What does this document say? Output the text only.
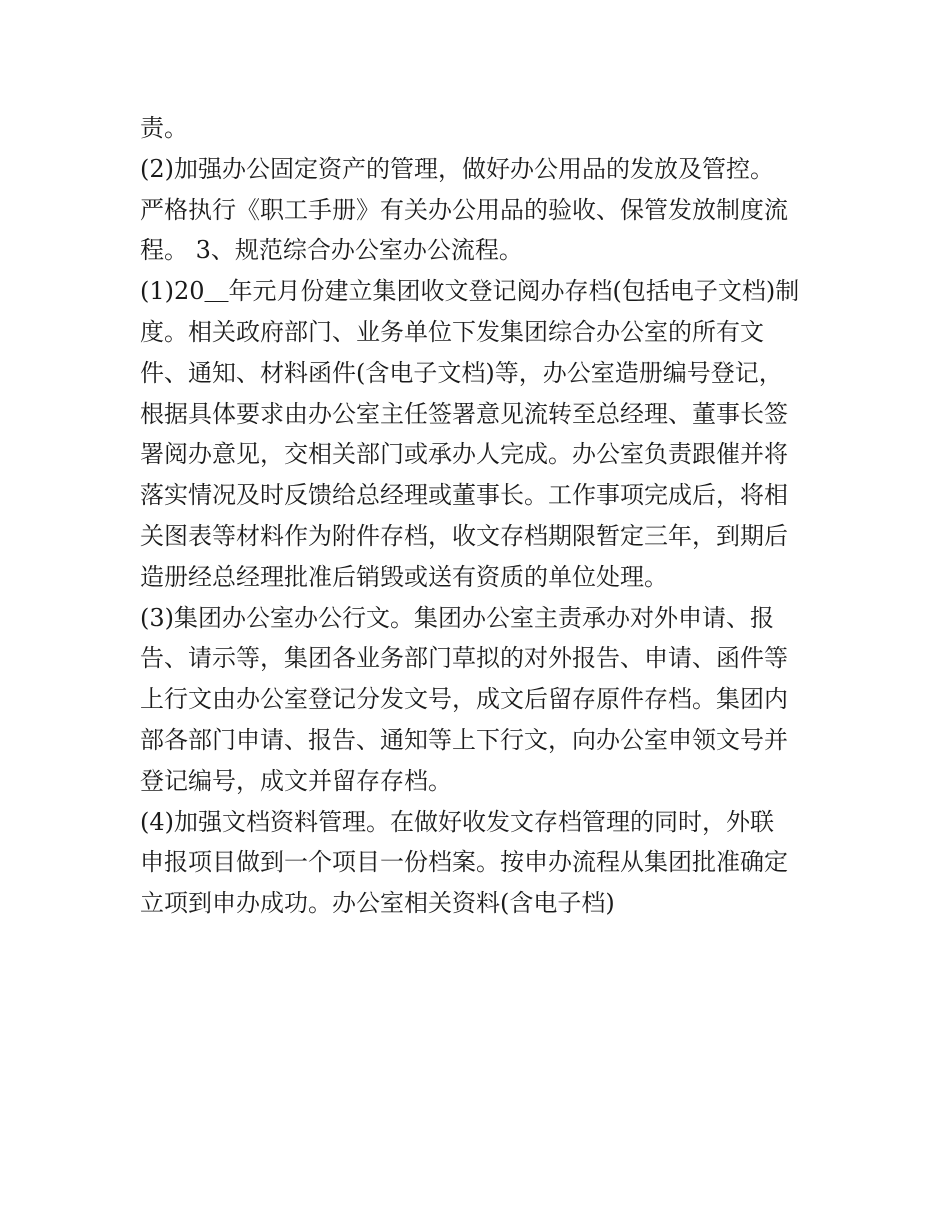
责。

(2)加强办公固定资产的管理，做好办公用品的发放及管控。

严格执行《职工手册》有关办公用品的验收、保管发放制度流

程。 3、规范综合办公室办公流程。

(1)20＿年元月份建立集团收文登记阅办存档(包括电子文档)制

度。相关政府部门、业务单位下发集团综合办公室的所有文

件、通知、材料函件(含电子文档)等，办公室造册编号登记，

根据具体要求由办公室主任签署意见流转至总经理、董事长签

署阅办意见，交相关部门或承办人完成。办公室负责跟催并将

落实情况及时反馈给总经理或董事长。工作事项完成后，将相

关图表等材料作为附件存档，收文存档期限暂定三年，到期后

造册经总经理批准后销毁或送有资质的单位处理。

(3)集团办公室办公行文。集团办公室主责承办对外申请、报

告、请示等，集团各业务部门草拟的对外报告、申请、函件等

上行文由办公室登记分发文号，成文后留存原件存档。集团内

部各部门申请、报告、通知等上下行文，向办公室申领文号并

登记编号，成文并留存存档。

(4)加强文档资料管理。在做好收发文存档管理的同时，外联

申报项目做到一个项目一份档案。按申办流程从集团批准确定

立项到申办成功。办公室相关资料(含电子档)
